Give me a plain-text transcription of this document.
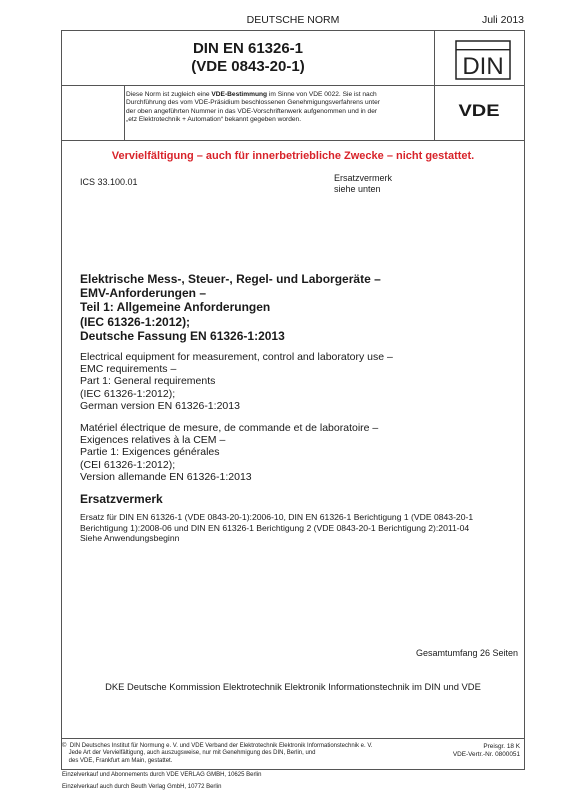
DEUTSCHE NORM	Juli 2013
DIN EN 61326-1
(VDE 0843-20-1)	DIN
VDE
Diese Norm ist zugleich eine VDE-Bestimmung im Sinne von VDE 0022. Sie ist nach
Durchführung des vom VDE-Präsidium beschlossenen Genehmigungsverfahrens unter
der oben angeführten Nummer in das VDE-Vorschriftenwerk aufgenommen und in der
„etz Elektrotechnik + Automation“ bekannt gegeben worden.
Vervielfältigung – auch für innerbetriebliche Zwecke – nicht gestattet.
ICS 33.100.01	Ersatzvermerk
siehe unten
Elektrische Mess-, Steuer-, Regel- und Laborgeräte –
EMV-Anforderungen –
Teil 1: Allgemeine Anforderungen
(IEC 61326-1:2012);
Deutsche Fassung EN 61326-1:2013
Electrical equipment for measurement, control and laboratory use –
EMC requirements –
Part 1: General requirements
(IEC 61326-1:2012);
German version EN 61326-1:2013
Matériel électrique de mesure, de commande et de laboratoire –
Exigences relatives à la CEM –
Partie 1: Exigences générales
(CEI 61326-1:2012);
Version allemande EN 61326-1:2013
Ersatzvermerk
Ersatz für DIN EN 61326-1 (VDE 0843-20-1):2006-10, DIN EN 61326-1 Berichtigung 1 (VDE 0843-20-1
Berichtigung 1):2008-06 und DIN EN 61326-1 Berichtigung 2 (VDE 0843-20-1 Berichtigung 2):2011-04
Siehe Anwendungsbeginn
Gesamtumfang 26 Seiten
DKE Deutsche Kommission Elektrotechnik Elektronik Informationstechnik im DIN und VDE
©  DIN Deutsches Institut für Normung e. V. und VDE Verband der Elektrotechnik Elektronik Informationstechnik e. V.
Jede Art der Vervielfältigung, auch auszugsweise, nur mit Genehmigung des DIN, Berlin, und
des VDE, Frankfurt am Main, gestattet.
Preisgr. 18 K
VDE-Vertr.-Nr. 0800051
Einzelverkauf und Abonnements durch VDE VERLAG GMBH, 10625 Berlin
Einzelverkauf auch durch Beuth Verlag GmbH, 10772 Berlin
